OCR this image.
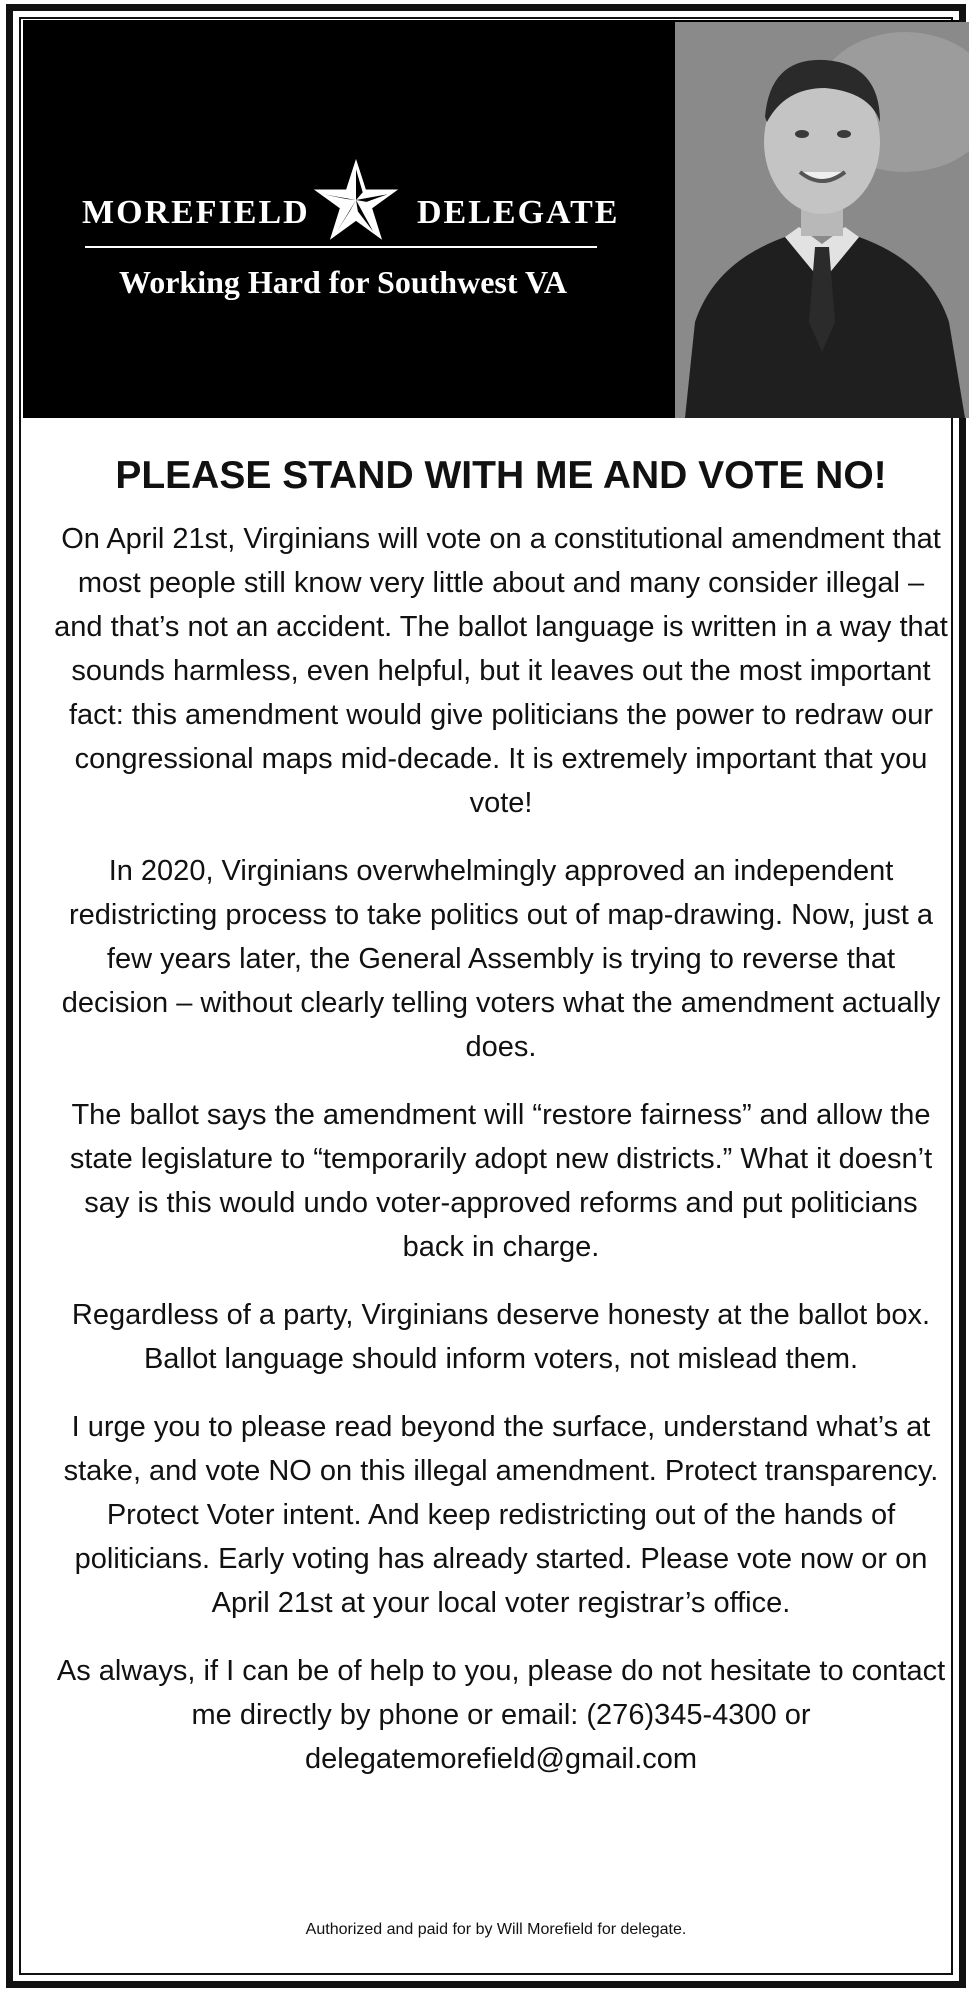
MOREFIELD	DELEGATE
Working Hard for Southwest VA
PLEASE STAND WITH ME AND VOTE NO!

On April 21st, Virginians will vote on a constitutional amendment that most people still know very little about and many consider illegal – and that’s not an accident. The ballot language is written in a way that sounds harmless, even helpful, but it leaves out the most important fact: this amendment would give politicians the power to redraw our congressional maps mid-decade. It is extremely important that you vote!

In 2020, Virginians overwhelmingly approved an independent redistricting process to take politics out of map-drawing. Now, just a few years later, the General Assembly is trying to reverse that decision – without clearly telling voters what the amendment actually does.

The ballot says the amendment will “restore fairness” and allow the state legislature to “temporarily adopt new districts.” What it doesn’t say is this would undo voter-approved reforms and put politicians back in charge.

Regardless of a party, Virginians deserve honesty at the ballot box. Ballot language should inform voters, not mislead them.

I urge you to please read beyond the surface, understand what’s at stake, and vote NO on this illegal amendment. Protect transparency. Protect Voter intent. And keep redistricting out of the hands of politicians. Early voting has already started. Please vote now or on April 21st at your local voter registrar’s office.

As always, if I can be of help to you, please do not hesitate to contact me directly by phone or email: (276)345-4300 or delegatemorefield@gmail.com

Authorized and paid for by Will Morefield for delegate.
